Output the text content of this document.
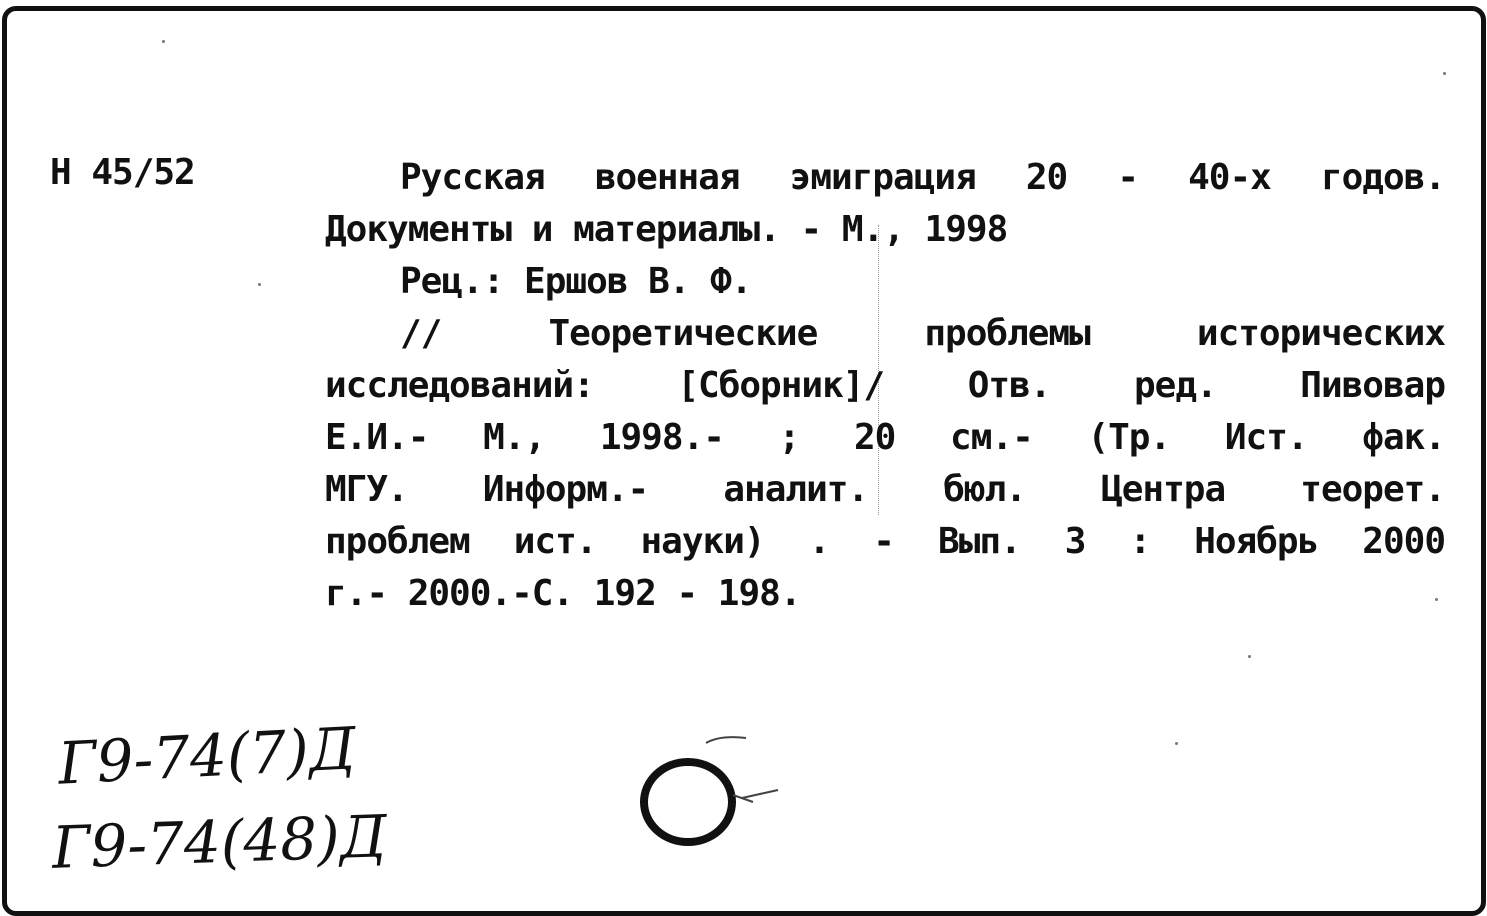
Н 45/52	Русская военная эмиграция 20 - 40-х годов.
Документы и материалы. - М., 1998
Рец.: Ершов В. Ф.
// Теоретические проблемы исторических
исследований: [Сборник]/ Отв. ред. Пивовар
Е.И.- М., 1998.- ; 20 см.- (Тр. Ист. фак.
МГУ. Информ.- аналит. бюл. Центра теорет.
проблем ист. науки) . - Вып. 3 : Ноябрь 2000
г.- 2000.-С. 192 - 198.
Г9-74(7)Д
Г9-74(48)Д
